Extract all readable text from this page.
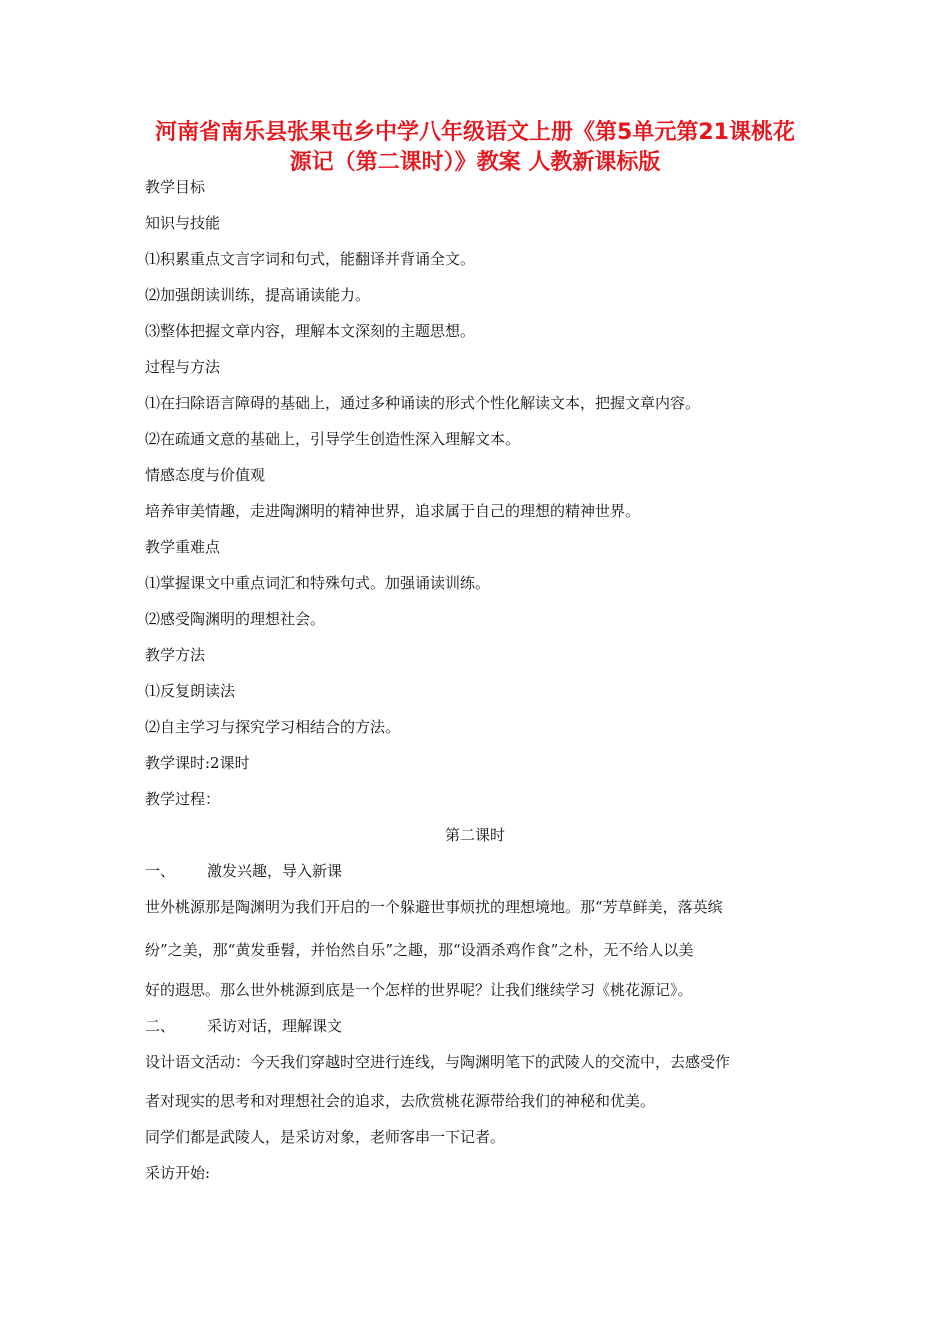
河南省南乐县张果屯乡中学八年级语文上册《第5单元第21课桃花
源记（第二课时）》教案 人教新课标版
教学目标
知识与技能
⑴积累重点文言字词和句式，能翻译并背诵全文。
⑵加强朗读训练，提高诵读能力。
⑶整体把握文章内容，理解本文深刻的主题思想。
过程与方法
⑴在扫除语言障碍的基础上，通过多种诵读的形式个性化解读文本，把握文章内容。
⑵在疏通文意的基础上，引导学生创造性深入理解文本。
情感态度与价值观
培养审美情趣，走进陶渊明的精神世界，追求属于自己的理想的精神世界。
教学重难点
⑴掌握课文中重点词汇和特殊句式。加强诵读训练。
⑵感受陶渊明的理想社会。
教学方法
⑴反复朗读法
⑵自主学习与探究学习相结合的方法。
教学课时:2课时
教学过程：
第二课时
一、 激发兴趣，导入新课
世外桃源那是陶渊明为我们开启的一个躲避世事烦扰的理想境地。那“芳草鲜美，落英缤
纷”之美，那“黄发垂髫，并怡然自乐”之趣，那“设酒杀鸡作食”之朴，无不给人以美
好的遐思。那么世外桃源到底是一个怎样的世界呢？让我们继续学习《桃花源记》。
二、 采访对话，理解课文
设计语文活动：今天我们穿越时空进行连线，与陶渊明笔下的武陵人的交流中，去感受作
者对现实的思考和对理想社会的追求，去欣赏桃花源带给我们的神秘和优美。
同学们都是武陵人，是采访对象，老师客串一下记者。
采访开始:
